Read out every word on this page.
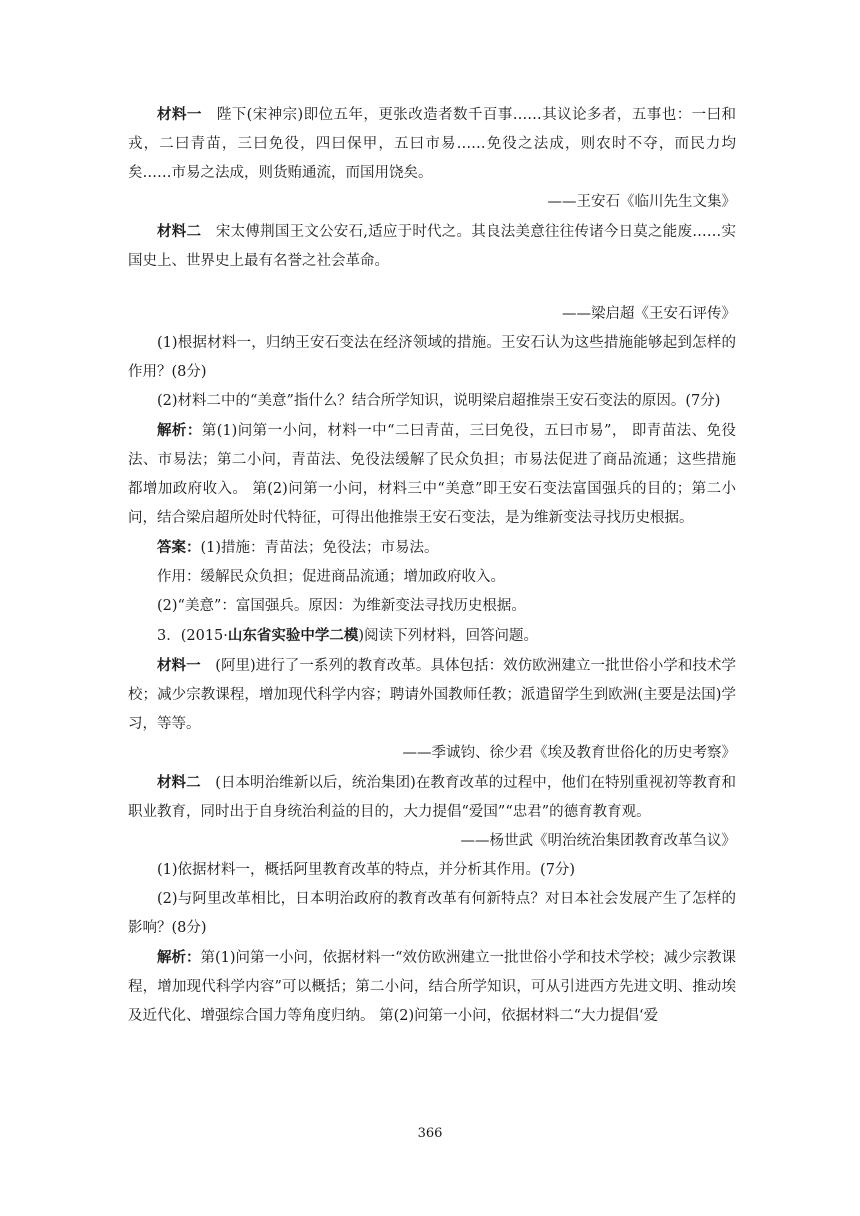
材料一　陛下(宋神宗)即位五年，更张改造者数千百事……其议论多者，五事也：一曰和戎，二曰青苗，三曰免役，四曰保甲，五曰市易……免役之法成，则农时不夺，而民力均矣……市易之法成，则货贿通流，而国用饶矣。

——王安石《临川先生文集》

材料二　宋太傅荆国王文公安石,适应于时代之。其良法美意往往传诸今日莫之能废……实国史上、世界史上最有名誉之社会革命。

——梁启超《王安石评传》

(1)根据材料一，归纳王安石变法在经济领域的措施。王安石认为这些措施能够起到怎样的作用？(8分)

(2)材料二中的“美意”指什么？结合所学知识，说明梁启超推崇王安石变法的原因。(7分)

解析：第(1)问第一小问，材料一中“二曰青苗，三曰免役，五曰市易”， 即青苗法、免役法、市易法；第二小问，青苗法、免役法缓解了民众负担；市易法促进了商品流通；这些措施都增加政府收入。 第(2)问第一小问，材料三中“美意”即王安石变法富国强兵的目的；第二小问，结合梁启超所处时代特征，可得出他推崇王安石变法，是为维新变法寻找历史根据。

答案：(1)措施：青苗法；免役法；市易法。

作用：缓解民众负担；促进商品流通；增加政府收入。

(2)“美意”：富国强兵。原因：为维新变法寻找历史根据。

3．(2015·山东省实验中学二模)阅读下列材料，回答问题。

材料一　(阿里)进行了一系列的教育改革。具体包括：效仿欧洲建立一批世俗小学和技术学校；减少宗教课程，增加现代科学内容；聘请外国教师任教；派遣留学生到欧洲(主要是法国)学习，等等。

——季诚钧、徐少君《埃及教育世俗化的历史考察》

材料二　(日本明治维新以后，统治集团)在教育改革的过程中，他们在特别重视初等教育和职业教育，同时出于自身统治利益的目的，大力提倡“爱国”“忠君”的德育教育观。

——杨世武《明治统治集团教育改革刍议》

(1)依据材料一，概括阿里教育改革的特点，并分析其作用。(7分)

(2)与阿里改革相比，日本明治政府的教育改革有何新特点？对日本社会发展产生了怎样的影响？(8分)

解析：第(1)问第一小问，依据材料一“效仿欧洲建立一批世俗小学和技术学校；减少宗教课程，增加现代科学内容”可以概括；第二小问，结合所学知识，可从引进西方先进文明、推动埃及近代化、增强综合国力等角度归纳。 第(2)问第一小问，依据材料二“大力提倡‘爱

366
